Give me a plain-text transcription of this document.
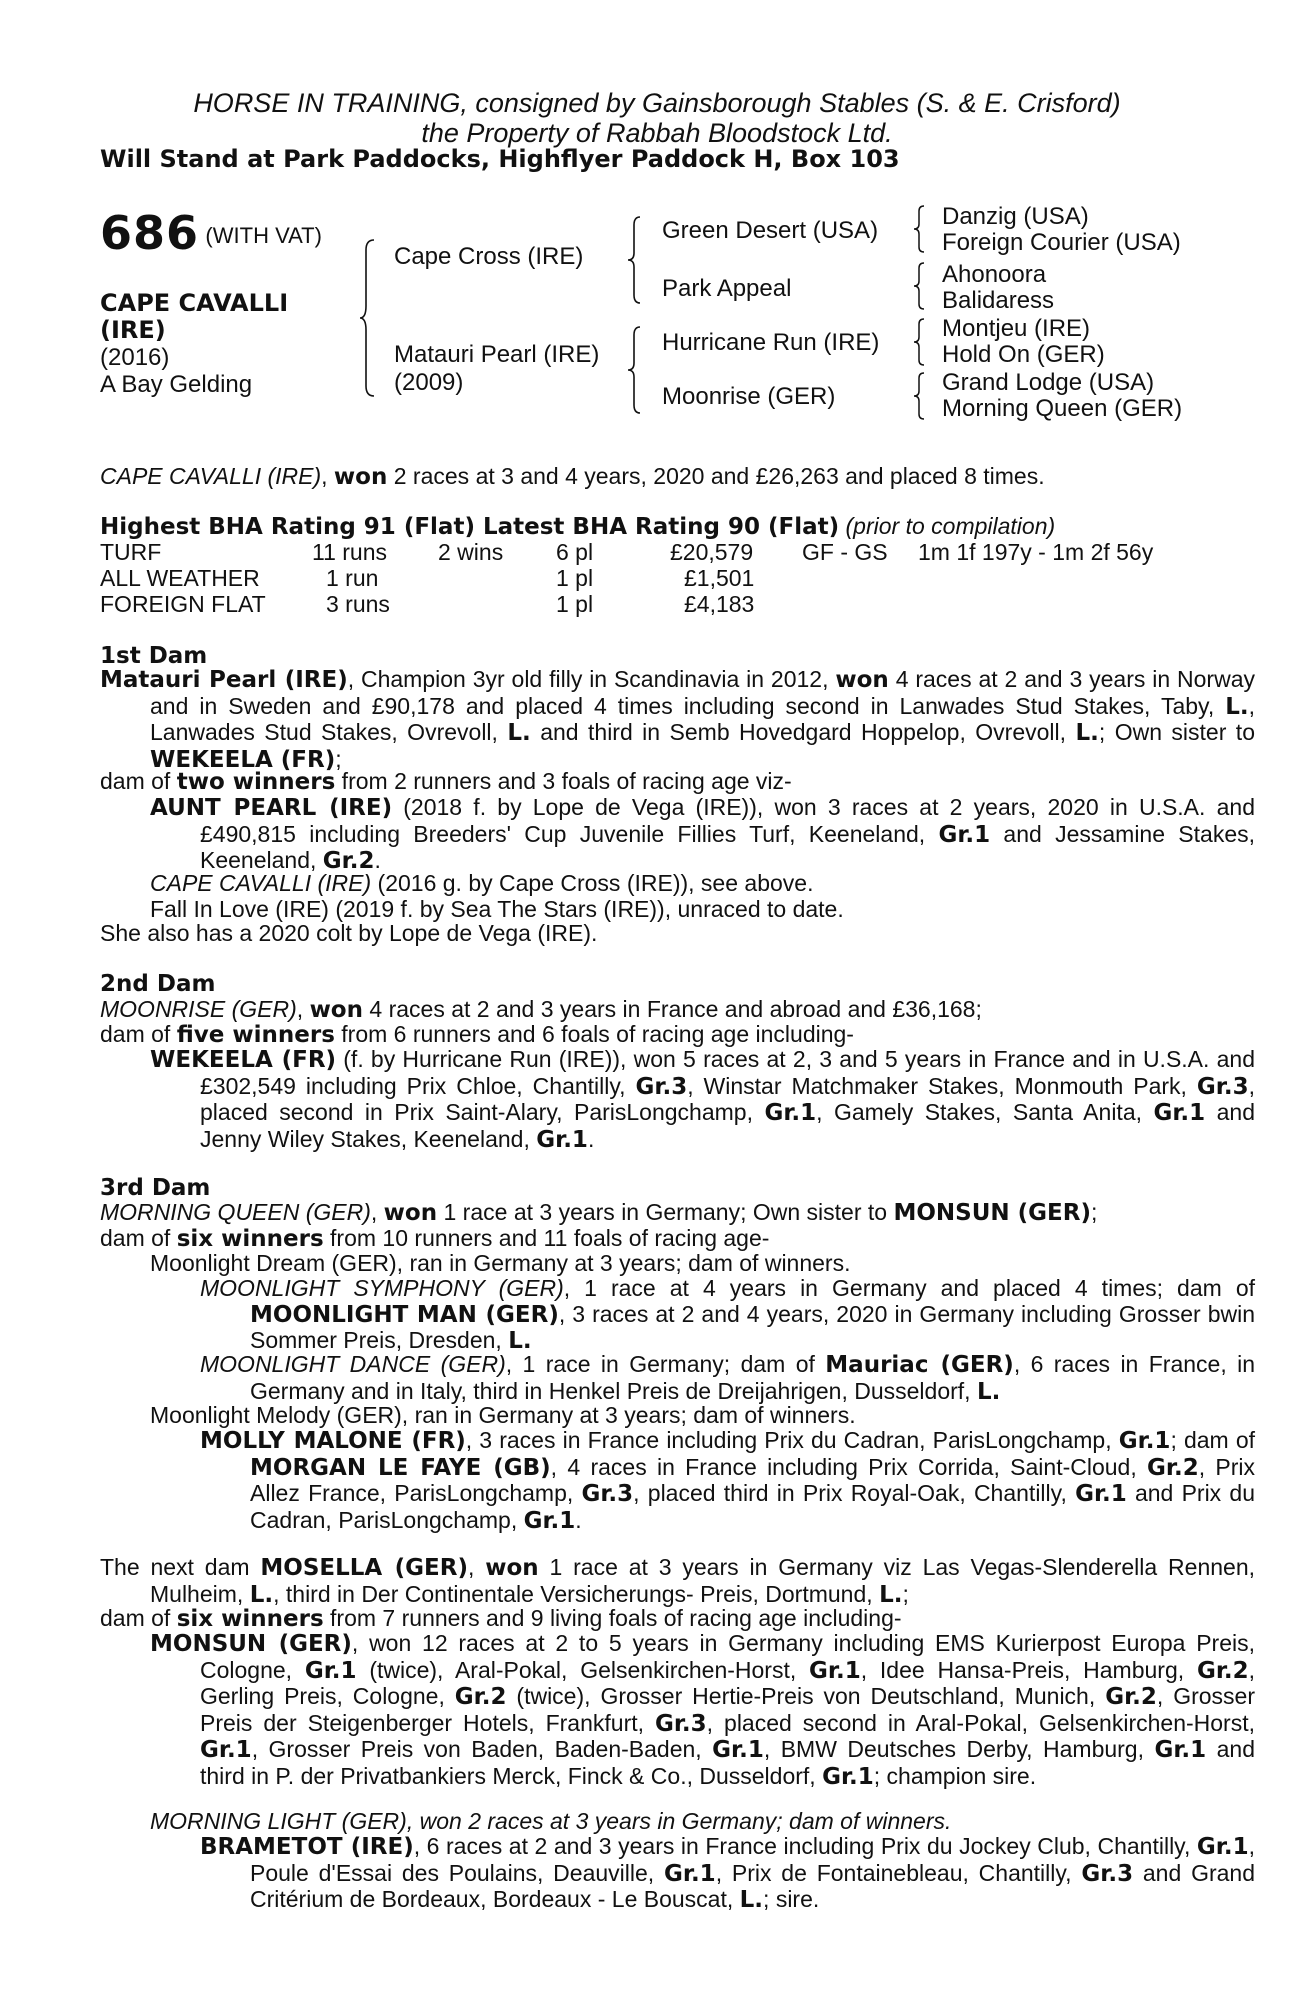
HORSE IN TRAINING, consigned by Gainsborough Stables (S. & E. Crisford)
the Property of Rabbah Bloodstock Ltd.
Will Stand at Park Paddocks, Highflyer Paddock H, Box 103
686 (WITH VAT)
CAPE CAVALLI
(IRE)
(2016)
A Bay Gelding
Cape Cross (IRE)
Matauri Pearl (IRE)
(2009)
Green Desert (USA)
Park Appeal
Hurricane Run (IRE)
Moonrise (GER)
Danzig (USA)
Foreign Courier (USA)
Ahonoora
Balidaress
Montjeu (IRE)
Hold On (GER)
Grand Lodge (USA)
Morning Queen (GER)
CAPE CAVALLI (IRE), won 2 races at 3 and 4 years, 2020 and £26,263 and placed 8 times.
Highest BHA Rating 91 (Flat) Latest BHA Rating 90 (Flat) (prior to compilation)
TURF	11 runs 2 wins 6 pl	£20,579 GF - GS 1m 1f 197y - 1m 2f 56y
ALL WEATHER	1 run	1 pl	£1,501
FOREIGN FLAT	3 runs	1 pl	£4,183
1st Dam
Matauri Pearl (IRE), Champion 3yr old filly in Scandinavia in 2012, won 4 races at 2 and 3 years in Norway and in Sweden and £90,178 and placed 4 times including second in Lanwades Stud Stakes, Taby, L., Lanwades Stud Stakes, Ovrevoll, L. and third in Semb Hovedgard Hoppelop, Ovrevoll, L.; Own sister to WEKEELA (FR);
dam of two winners from 2 runners and 3 foals of racing age viz-
AUNT PEARL (IRE) (2018 f. by Lope de Vega (IRE)), won 3 races at 2 years, 2020 in U.S.A. and £490,815 including Breeders' Cup Juvenile Fillies Turf, Keeneland, Gr.1 and Jessamine Stakes, Keeneland, Gr.2.
CAPE CAVALLI (IRE) (2016 g. by Cape Cross (IRE)), see above.
Fall In Love (IRE) (2019 f. by Sea The Stars (IRE)), unraced to date.
She also has a 2020 colt by Lope de Vega (IRE).
2nd Dam
MOONRISE (GER), won 4 races at 2 and 3 years in France and abroad and £36,168;
dam of five winners from 6 runners and 6 foals of racing age including-
WEKEELA (FR) (f. by Hurricane Run (IRE)), won 5 races at 2, 3 and 5 years in France and in U.S.A. and £302,549 including Prix Chloe, Chantilly, Gr.3, Winstar Matchmaker Stakes, Monmouth Park, Gr.3, placed second in Prix Saint-Alary, ParisLongchamp, Gr.1, Gamely Stakes, Santa Anita, Gr.1 and Jenny Wiley Stakes, Keeneland, Gr.1.
3rd Dam
MORNING QUEEN (GER), won 1 race at 3 years in Germany; Own sister to MONSUN (GER);
dam of six winners from 10 runners and 11 foals of racing age-
Moonlight Dream (GER), ran in Germany at 3 years; dam of winners.
MOONLIGHT SYMPHONY (GER), 1 race at 4 years in Germany and placed 4 times; dam of MOONLIGHT MAN (GER), 3 races at 2 and 4 years, 2020 in Germany including Grosser bwin Sommer Preis, Dresden, L.
MOONLIGHT DANCE (GER), 1 race in Germany; dam of Mauriac (GER), 6 races in France, in Germany and in Italy, third in Henkel Preis de Dreijahrigen, Dusseldorf, L.
Moonlight Melody (GER), ran in Germany at 3 years; dam of winners.
MOLLY MALONE (FR), 3 races in France including Prix du Cadran, ParisLongchamp, Gr.1; dam of MORGAN LE FAYE (GB), 4 races in France including Prix Corrida, Saint-Cloud, Gr.2, Prix Allez France, ParisLongchamp, Gr.3, placed third in Prix Royal-Oak, Chantilly, Gr.1 and Prix du Cadran, ParisLongchamp, Gr.1.
The next dam MOSELLA (GER), won 1 race at 3 years in Germany viz Las Vegas-Slenderella Rennen, Mulheim, L., third in Der Continentale Versicherungs- Preis, Dortmund, L.;
dam of six winners from 7 runners and 9 living foals of racing age including-
MONSUN (GER), won 12 races at 2 to 5 years in Germany including EMS Kurierpost Europa Preis, Cologne, Gr.1 (twice), Aral-Pokal, Gelsenkirchen-Horst, Gr.1, Idee Hansa-Preis, Hamburg, Gr.2, Gerling Preis, Cologne, Gr.2 (twice), Grosser Hertie-Preis von Deutschland, Munich, Gr.2, Grosser Preis der Steigenberger Hotels, Frankfurt, Gr.3, placed second in Aral-Pokal, Gelsenkirchen-Horst, Gr.1, Grosser Preis von Baden, Baden-Baden, Gr.1, BMW Deutsches Derby, Hamburg, Gr.1 and third in P. der Privatbankiers Merck, Finck & Co., Dusseldorf, Gr.1; champion sire.
MORNING LIGHT (GER), won 2 races at 3 years in Germany; dam of winners.
BRAMETOT (IRE), 6 races at 2 and 3 years in France including Prix du Jockey Club, Chantilly, Gr.1, Poule d'Essai des Poulains, Deauville, Gr.1, Prix de Fontainebleau, Chantilly, Gr.3 and Grand Critérium de Bordeaux, Bordeaux - Le Bouscat, L.; sire.
